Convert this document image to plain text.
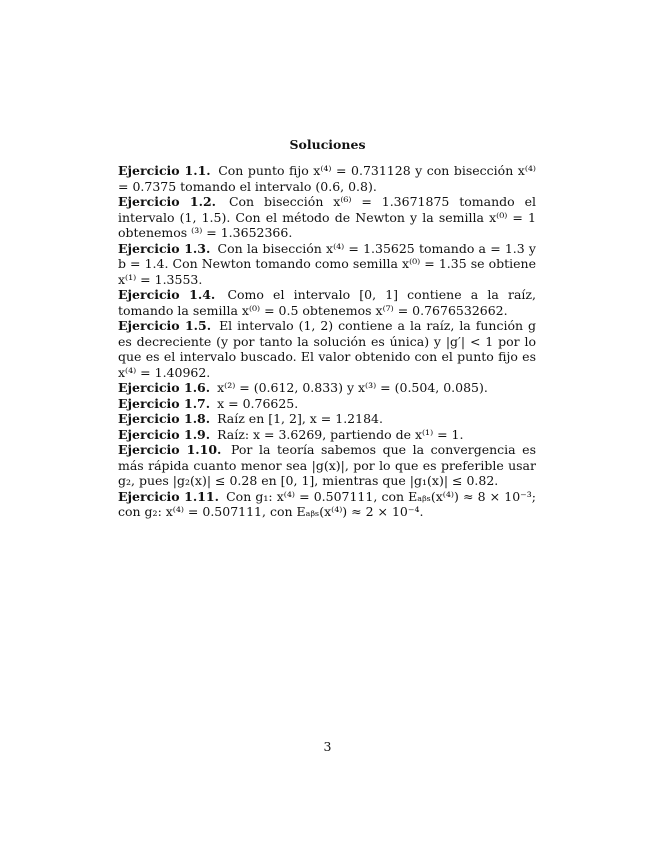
Soluciones

Ejercicio 1.1. Con punto fijo x⁽⁴⁾ = 0.731128 y con bisección x⁽⁴⁾ = 0.7375 tomando el intervalo (0.6, 0.8).

Ejercicio 1.2. Con bisección x⁽⁶⁾ = 1.3671875 tomando el intervalo (1, 1.5). Con el método de Newton y la semilla x⁽⁰⁾ = 1 obtenemos ⁽³⁾ = 1.3652366.

Ejercicio 1.3. Con la bisección x⁽⁴⁾ = 1.35625 tomando a = 1.3 y b = 1.4. Con Newton tomando como semilla x⁽⁰⁾ = 1.35 se obtiene x⁽¹⁾ = 1.3553.

Ejercicio 1.4. Como el intervalo [0, 1] contiene a la raíz, tomando la semilla x⁽⁰⁾ = 0.5 obtenemos x⁽⁷⁾ = 0.7676532662.

Ejercicio 1.5. El intervalo (1, 2) contiene a la raíz, la función g es decreciente (y por tanto la solución es única) y |g′| < 1 por lo que es el intervalo buscado. El valor obtenido con el punto fijo es x⁽⁴⁾ = 1.40962.

Ejercicio 1.6. x⁽²⁾ = (0.612, 0.833) y x⁽³⁾ = (0.504, 0.085).

Ejercicio 1.7. x = 0.76625.

Ejercicio 1.8. Raíz en [1, 2], x = 1.2184.

Ejercicio 1.9. Raíz: x = 3.6269, partiendo de x⁽¹⁾ = 1.

Ejercicio 1.10. Por la teoría sabemos que la convergencia es más rápida cuanto menor sea |g(x)|, por lo que es preferible usar g₂, pues |g₂(x)| ≤ 0.28 en [0, 1], mientras que |g₁(x)| ≤ 0.82.

Ejercicio 1.11. Con g₁: x⁽⁴⁾ = 0.507111, con Eₐᵦₛ(x⁽⁴⁾) ≈ 8 × 10⁻³; con g₂: x⁽⁴⁾ = 0.507111, con Eₐᵦₛ(x⁽⁴⁾) ≈ 2 × 10⁻⁴.

3
